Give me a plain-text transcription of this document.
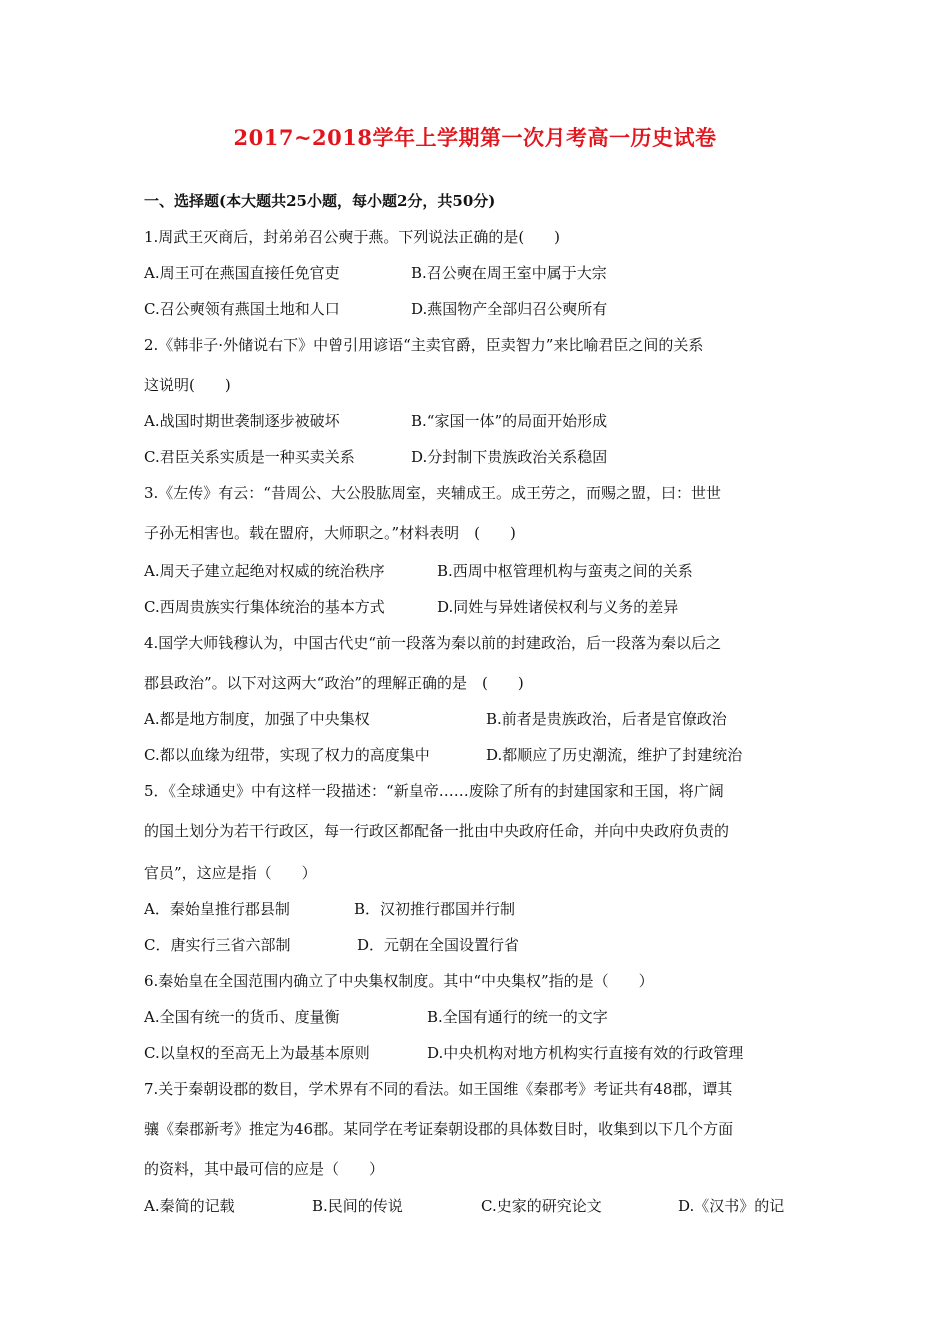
2017~2018学年上学期第一次月考高一历史试卷
一、选择题(本大题共25小题，每小题2分，共50分)
1.周武王灭商后，封弟弟召公奭于燕。下列说法正确的是(　　)
A.周王可在燕国直接任免官吏	B.召公奭在周王室中属于大宗
C.召公奭领有燕国土地和人口	D.燕国物产全部归召公奭所有
2.《韩非子·外储说右下》中曾引用谚语“主卖官爵，臣卖智力”来比喻君臣之间的关系
这说明(　　)
A.战国时期世袭制逐步被破坏	B.“家国一体”的局面开始形成
C.君臣关系实质是一种买卖关系	D.分封制下贵族政治关系稳固
3.《左传》有云：“昔周公、大公股肱周室，夹辅成王。成王劳之，而赐之盟，曰：世世
子孙无相害也。载在盟府，大师职之。”材料表明　(　　)
A.周天子建立起绝对权威的统治秩序	B.西周中枢管理机构与蛮夷之间的关系
C.西周贵族实行集体统治的基本方式	D.同姓与异姓诸侯权利与义务的差异
4.国学大师钱穆认为，中国古代史“前一段落为秦以前的封建政治，后一段落为秦以后之
郡县政治”。以下对这两大“政治”的理解正确的是　(　　)
A.都是地方制度，加强了中央集权	B.前者是贵族政治，后者是官僚政治
C.都以血缘为纽带，实现了权力的高度集中	D.都顺应了历史潮流，维护了封建统治
5．《全球通史》中有这样一段描述：“新皇帝……废除了所有的封建国家和王国，将广阔
的国土划分为若干行政区，每一行政区都配备一批由中央政府任命，并向中央政府负责的
官员”，这应是指（　　）
A．秦始皇推行郡县制	B．汉初推行郡国并行制
C．唐实行三省六部制	D．元朝在全国设置行省
6.秦始皇在全国范围内确立了中央集权制度。其中“中央集权”指的是（　　）
A.全国有统一的货币、度量衡	B.全国有通行的统一的文字
C.以皇权的至高无上为最基本原则	D.中央机构对地方机构实行直接有效的行政管理
7.关于秦朝设郡的数目，学术界有不同的看法。如王国维《秦郡考》考证共有48郡，谭其
骧《秦郡新考》推定为46郡。某同学在考证秦朝设郡的具体数目时，收集到以下几个方面
的资料，其中最可信的应是（　　）
A.秦简的记载	B.民间的传说	C.史家的研究论文	D.《汉书》的记
